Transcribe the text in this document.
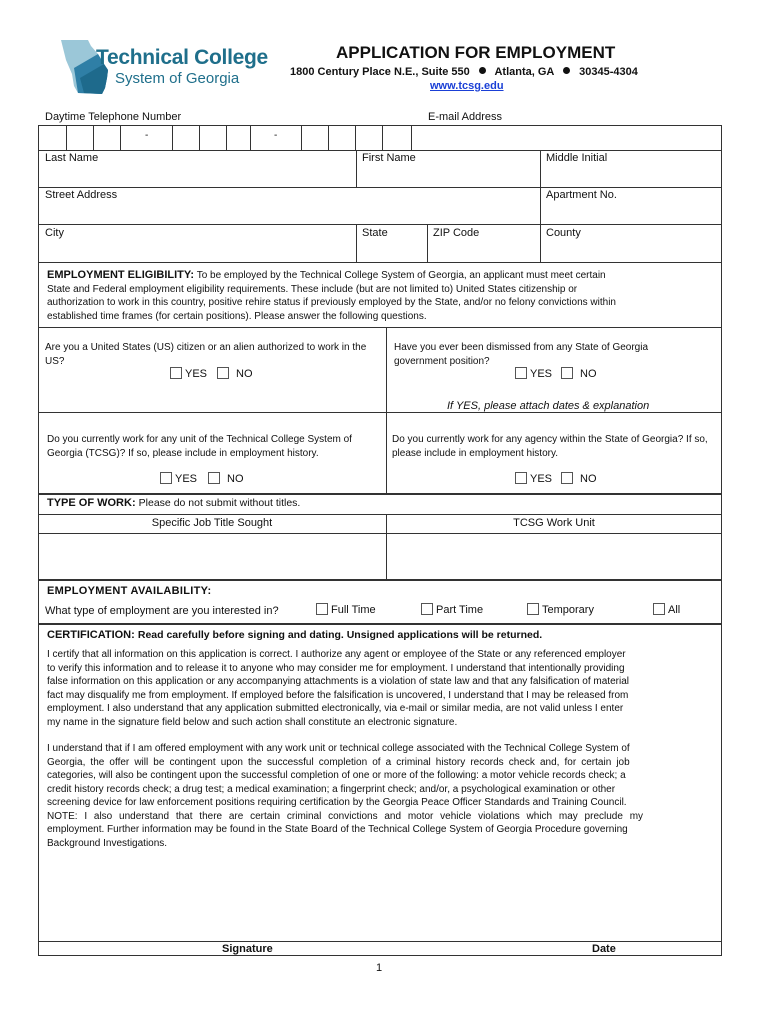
Technical College
System of Georgia
APPLICATION FOR EMPLOYMENT
1800 Century Place N.E., Suite 550 Atlanta, GA 30345-4304
www.tcsg.edu
Daytime Telephone Number	E-mail Address
-	-
Last Name	First Name	Middle Initial
Street Address	Apartment No.
City	State	ZIP Code	County
EMPLOYMENT ELIGIBILITY: To be employed by the Technical College System of Georgia, an applicant must meet certain
State and Federal employment eligibility requirements. These include (but are not limited to) United States citizenship or
authorization to work in this country, positive rehire status if previously employed by the State, and/or no felony convictions within
established time frames (for certain positions). Please answer the following questions.
Are you a United States (US) citizen or an alien authorized to work in the US?
YES	NO
Have you ever been dismissed from any State of Georgia government position?
YES	NO
If YES, please attach dates & explanation
Do you currently work for any unit of the Technical College System of Georgia (TCSG)? If so, please include in employment history.
YES	NO
Do you currently work for any agency within the State of Georgia? If so, please include in employment history.
YES	NO
TYPE OF WORK: Please do not submit without titles.
Specific Job Title Sought	TCSG Work Unit
EMPLOYMENT AVAILABILITY:
What type of employment are you interested in?	Full Time	Part Time	Temporary	All
CERTIFICATION: Read carefully before signing and dating. Unsigned applications will be returned.
I certify that all information on this application is correct. I authorize any agent or employee of the State or any referenced employer
to verify this information and to release it to anyone who may consider me for employment. I understand that intentionally providing
false information on this application or any accompanying attachments is a violation of state law and that any falsification of material
fact may disqualify me from employment. If employed before the falsification is uncovered, I understand that I may be released from
employment. I also understand that any application submitted electronically, via e-mail or similar media, are not valid unless I enter
my name in the signature field below and such action shall constitute an electronic signature.
I understand that if I am offered employment with any work unit or technical college associated with the Technical College System of
Georgia, the offer will be contingent upon the successful completion of a criminal history records check and, for certain job
categories, will also be contingent upon the successful completion of one or more of the following: a motor vehicle records check; a
credit history records check; a drug test; a medical examination; a fingerprint check; and/or, a psychological examination or other
screening device for law enforcement positions requiring certification by the Georgia Peace Officer Standards and Training Council.
NOTE: I also understand that there are certain criminal convictions and motor vehicle violations which may preclude my
employment. Further information may be found in the State Board of the Technical College System of Georgia Procedure governing
Background Investigations.
Signature	Date
1
